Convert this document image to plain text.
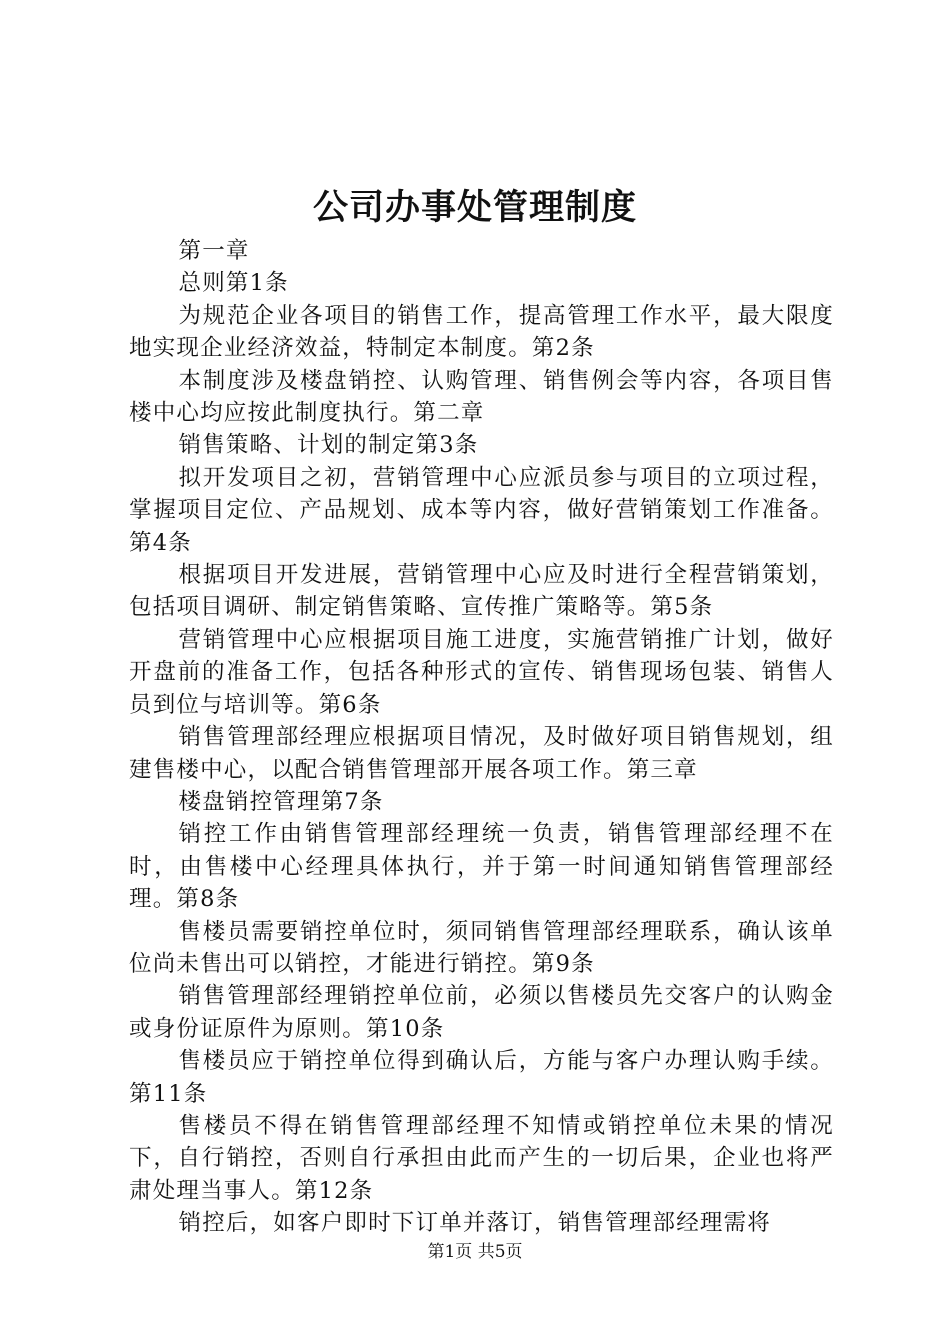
公司办事处管理制度

第一章

总则第1条

为规范企业各项目的销售工作，提高管理工作水平，最大限度地实现企业经济效益，特制定本制度。第2条

本制度涉及楼盘销控、认购管理、销售例会等内容，各项目售楼中心均应按此制度执行。第二章

销售策略、计划的制定第3条

拟开发项目之初，营销管理中心应派员参与项目的立项过程，掌握项目定位、产品规划、成本等内容，做好营销策划工作准备。第4条

根据项目开发进展，营销管理中心应及时进行全程营销策划，包括项目调研、制定销售策略、宣传推广策略等。第5条

营销管理中心应根据项目施工进度，实施营销推广计划，做好开盘前的准备工作，包括各种形式的宣传、销售现场包装、销售人员到位与培训等。第6条

销售管理部经理应根据项目情况，及时做好项目销售规划，组建售楼中心，以配合销售管理部开展各项工作。第三章

楼盘销控管理第7条

销控工作由销售管理部经理统一负责，销售管理部经理不在时，由售楼中心经理具体执行，并于第一时间通知销售管理部经理。第8条

售楼员需要销控单位时，须同销售管理部经理联系，确认该单位尚未售出可以销控，才能进行销控。第9条

销售管理部经理销控单位前，必须以售楼员先交客户的认购金或身份证原件为原则。第10条

售楼员应于销控单位得到确认后，方能与客户办理认购手续。第11条

售楼员不得在销售管理部经理不知情或销控单位未果的情况下，自行销控，否则自行承担由此而产生的一切后果，企业也将严肃处理当事人。第12条

销控后，如客户即时下订单并落订，销售管理部经理需将

第1页 共5页
